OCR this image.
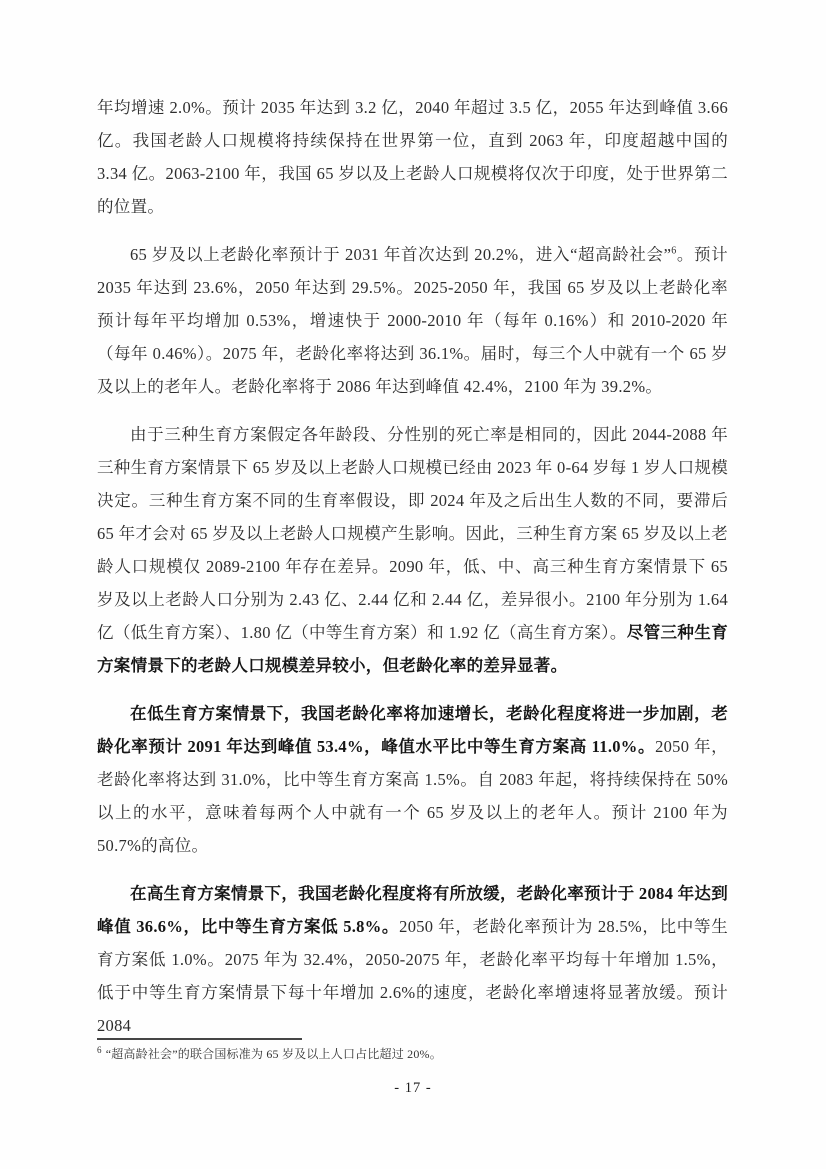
年均增速 2.0%。预计 2035 年达到 3.2 亿，2040 年超过 3.5 亿，2055 年达到峰值 3.66 亿。我国老龄人口规模将持续保持在世界第一位，直到 2063 年，印度超越中国的 3.34 亿。2063-2100 年，我国 65 岁以及上老龄人口规模将仅次于印度，处于世界第二的位置。

65 岁及以上老龄化率预计于 2031 年首次达到 20.2%，进入“超高龄社会”$^6$。预计 2035 年达到 23.6%，2050 年达到 29.5%。2025-2050 年，我国 65 岁及以上老龄化率预计每年平均增加 0.53%，增速快于 2000-2010 年（每年 0.16%）和 2010-2020 年（每年 0.46%）。2075 年，老龄化率将达到 36.1%。届时，每三个人中就有一个 65 岁及以上的老年人。老龄化率将于 2086 年达到峰值 42.4%，2100 年为 39.2%。

由于三种生育方案假定各年龄段、分性别的死亡率是相同的，因此 2044-2088 年三种生育方案情景下 65 岁及以上老龄人口规模已经由 2023 年 0-64 岁每 1 岁人口规模决定。三种生育方案不同的生育率假设，即 2024 年及之后出生人数的不同，要滞后 65 年才会对 65 岁及以上老龄人口规模产生影响。因此，三种生育方案 65 岁及以上老龄人口规模仅 2089-2100 年存在差异。2090 年，低、中、高三种生育方案情景下 65 岁及以上老龄人口分别为 2.43 亿、2.44 亿和 2.44 亿，差异很小。2100 年分别为 1.64 亿（低生育方案）、1.80 亿（中等生育方案）和 1.92 亿（高生育方案）。尽管三种生育方案情景下的老龄人口规模差异较小，但老龄化率的差异显著。

在低生育方案情景下，我国老龄化率将加速增长，老龄化程度将进一步加剧，老龄化率预计 2091 年达到峰值 53.4%，峰值水平比中等生育方案高 11.0%。2050 年，老龄化率将达到 31.0%，比中等生育方案高 1.5%。自 2083 年起，将持续保持在 50%以上的水平，意味着每两个人中就有一个 65 岁及以上的老年人。预计 2100 年为 50.7%的高位。

在高生育方案情景下，我国老龄化程度将有所放缓，老龄化率预计于 2084 年达到峰值 36.6%，比中等生育方案低 5.8%。2050 年，老龄化率预计为 28.5%，比中等生育方案低 1.0%。2075 年为 32.4%，2050-2075 年，老龄化率平均每十年增加 1.5%，低于中等生育方案情景下每十年增加 2.6%的速度，老龄化率增速将显著放缓。预计 2084

$^6$ “超高龄社会”的联合国标准为 65 岁及以上人口占比超过 20%。
- 17 -
